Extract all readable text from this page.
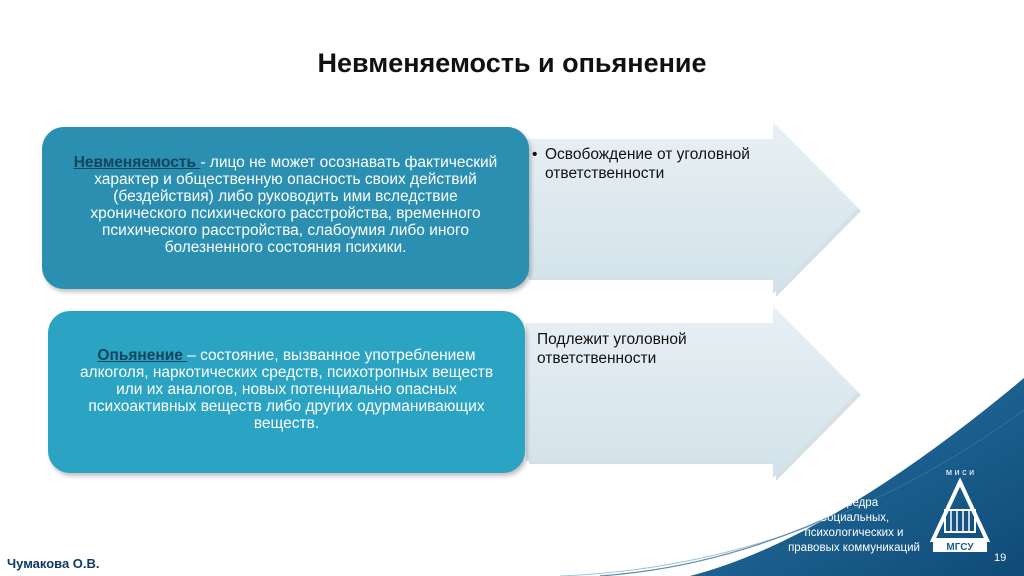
Невменяемость и опьянение
Невменяемость - лицо не может осознавать фактический характер и общественную опасность своих действий (бездействия) либо руководить ими вследствие хронического психического расстройства, временного психического расстройства, слабоумия либо иного болезненного состояния психики.
Опьянение – состояние, вызванное употреблением алкоголя, наркотических средств, психотропных веществ или их аналогов, новых потенциально опасных психоактивных веществ либо других одурманивающих веществ.
• Освобождение от уголовной ответственности
Подлежит уголовной ответственности
Кафедра
Социальных,
психологических и
правовых коммуникаций
м и с и
МГСУ
19
Чумакова О.В.
